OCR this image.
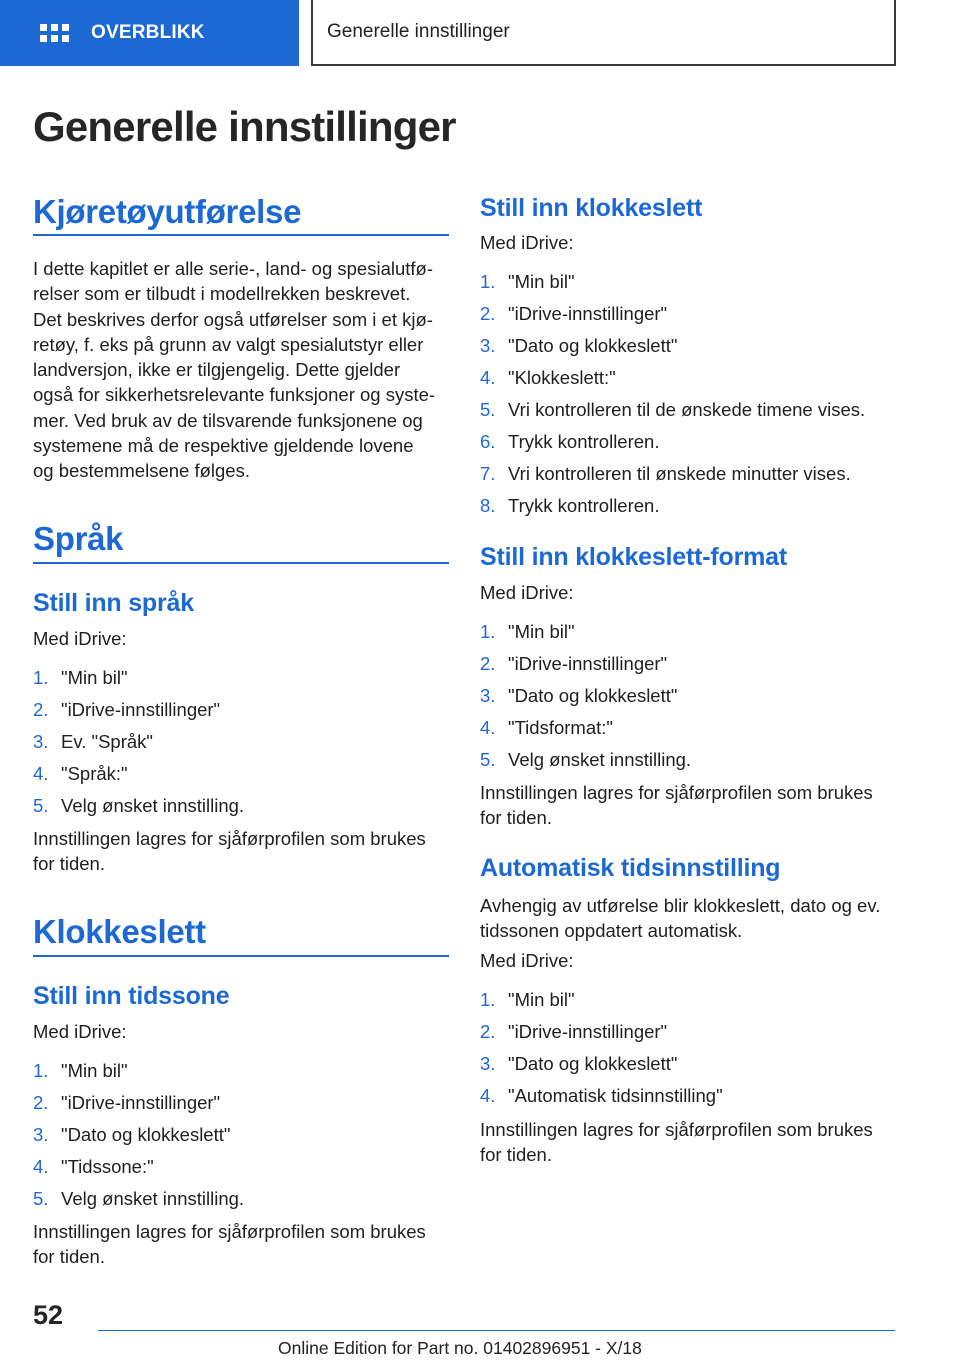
OVERBLIKK	Generelle innstillinger
Generelle innstillinger
Kjøretøyutførelse
I dette kapitlet er alle serie-, land- og spesialutfø-
relser som er tilbudt i modellrekken beskrevet.
Det beskrives derfor også utførelser som i et kjø-
retøy, f. eks på grunn av valgt spesialutstyr eller
landversjon, ikke er tilgjengelig. Dette gjelder
også for sikkerhetsrelevante funksjoner og syste-
mer. Ved bruk av de tilsvarende funksjonene og
systemene må de respektive gjeldende lovene
og bestemmelsene følges.
Språk
Still inn språk
Med iDrive:
1. "Min bil"
2. "iDrive-innstillinger"
3. Ev. "Språk"
4. "Språk:"
5. Velg ønsket innstilling.
Innstillingen lagres for sjåførprofilen som brukes
for tiden.
Klokkeslett
Still inn tidssone
Med iDrive:
1. "Min bil"
2. "iDrive-innstillinger"
3. "Dato og klokkeslett"
4. "Tidssone:"
5. Velg ønsket innstilling.
Innstillingen lagres for sjåførprofilen som brukes
for tiden.
Still inn klokkeslett
Med iDrive:
1. "Min bil"
2. "iDrive-innstillinger"
3. "Dato og klokkeslett"
4. "Klokkeslett:"
5. Vri kontrolleren til de ønskede timene vises.
6. Trykk kontrolleren.
7. Vri kontrolleren til ønskede minutter vises.
8. Trykk kontrolleren.
Still inn klokkeslett-format
Med iDrive:
1. "Min bil"
2. "iDrive-innstillinger"
3. "Dato og klokkeslett"
4. "Tidsformat:"
5. Velg ønsket innstilling.
Innstillingen lagres for sjåførprofilen som brukes
for tiden.
Automatisk tidsinnstilling
Avhengig av utførelse blir klokkeslett, dato og ev.
tidssonen oppdatert automatisk.
Med iDrive:
1. "Min bil"
2. "iDrive-innstillinger"
3. "Dato og klokkeslett"
4. "Automatisk tidsinnstilling"
Innstillingen lagres for sjåførprofilen som brukes
for tiden.
52
Online Edition for Part no. 01402896951 - X/18
